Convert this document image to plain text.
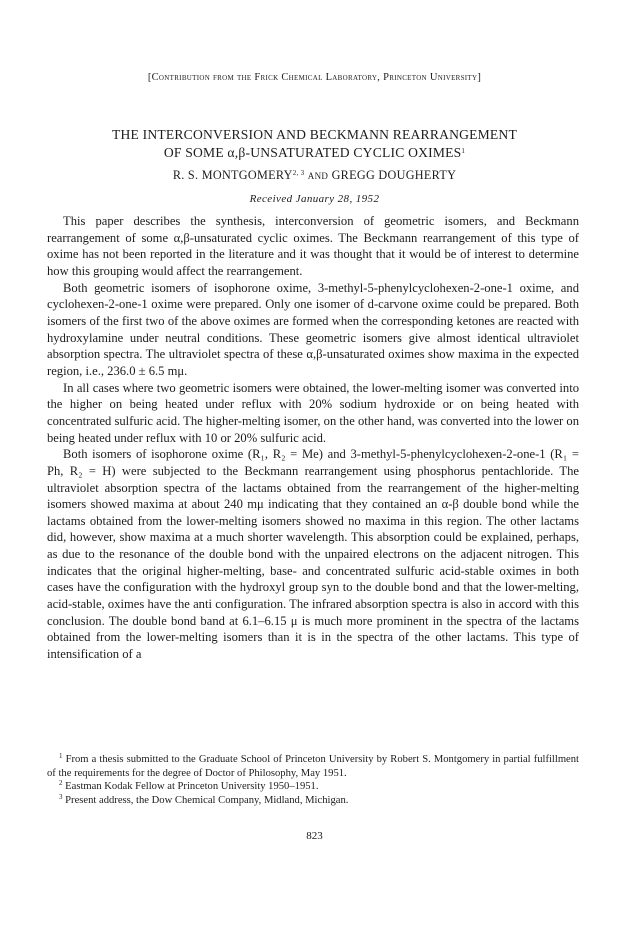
[Contribution from the Frick Chemical Laboratory, Princeton University]
THE INTERCONVERSION AND BECKMANN REARRANGEMENT
OF SOME α,β-UNSATURATED CYCLIC OXIMES$^1$
R. S. MONTGOMERY$^{2, 3}$ and GREGG DOUGHERTY
Received January 28, 1952

This paper describes the synthesis, interconversion of geometric isomers, and Beckmann rearrangement of some α,β-unsaturated cyclic oximes. The Beckmann rearrangement of this type of oxime has not been reported in the literature and it was thought that it would be of interest to determine how this grouping would affect the rearrangement.

Both geometric isomers of isophorone oxime, 3-methyl-5-phenylcyclohexen-2-one-1 oxime, and cyclohexen-2-one-1 oxime were prepared. Only one isomer of d-carvone oxime could be prepared. Both isomers of the first two of the above oximes are formed when the corresponding ketones are reacted with hydroxylamine under neutral conditions. These geometric isomers give almost identical ultraviolet absorption spectra. The ultraviolet spectra of these α,β-unsaturated oximes show maxima in the expected region, i.e., 236.0 ± 6.5 mμ.

In all cases where two geometric isomers were obtained, the lower-melting isomer was converted into the higher on being heated under reflux with 20% sodium hydroxide or on being heated with concentrated sulfuric acid. The higher-melting isomer, on the other hand, was converted into the lower on being heated under reflux with 10 or 20% sulfuric acid.

Both isomers of isophorone oxime (R₁, R₂ = Me) and 3-methyl-5-phenylcyclohexen-2-one-1 (R₁ = Ph, R₂ = H) were subjected to the Beckmann rearrangement using phosphorus pentachloride. The ultraviolet absorption spectra of the lactams obtained from the rearrangement of the higher-melting isomers showed maxima at about 240 mμ indicating that they contained an α-β double bond while the lactams obtained from the lower-melting isomers showed no maxima in this region. The other lactams did, however, show maxima at a much shorter wavelength. This absorption could be explained, perhaps, as due to the resonance of the double bond with the unpaired electrons on the adjacent nitrogen. This indicates that the original higher-melting, base- and concentrated sulfuric acid-stable oximes in both cases have the configuration with the hydroxyl group syn to the double bond and that the lower-melting, acid-stable, oximes have the anti configuration. The infrared absorption spectra is also in accord with this conclusion. The double bond band at 6.1–6.15 μ is much more prominent in the spectra of the lactams obtained from the lower-melting isomers than it is in the spectra of the other lactams. This type of intensification of a

$^1$ From a thesis submitted to the Graduate School of Princeton University by Robert S. Montgomery in partial fulfillment of the requirements for the degree of Doctor of Philosophy, May 1951.

$^2$ Eastman Kodak Fellow at Princeton University 1950–1951.

$^3$ Present address, the Dow Chemical Company, Midland, Michigan.

823
